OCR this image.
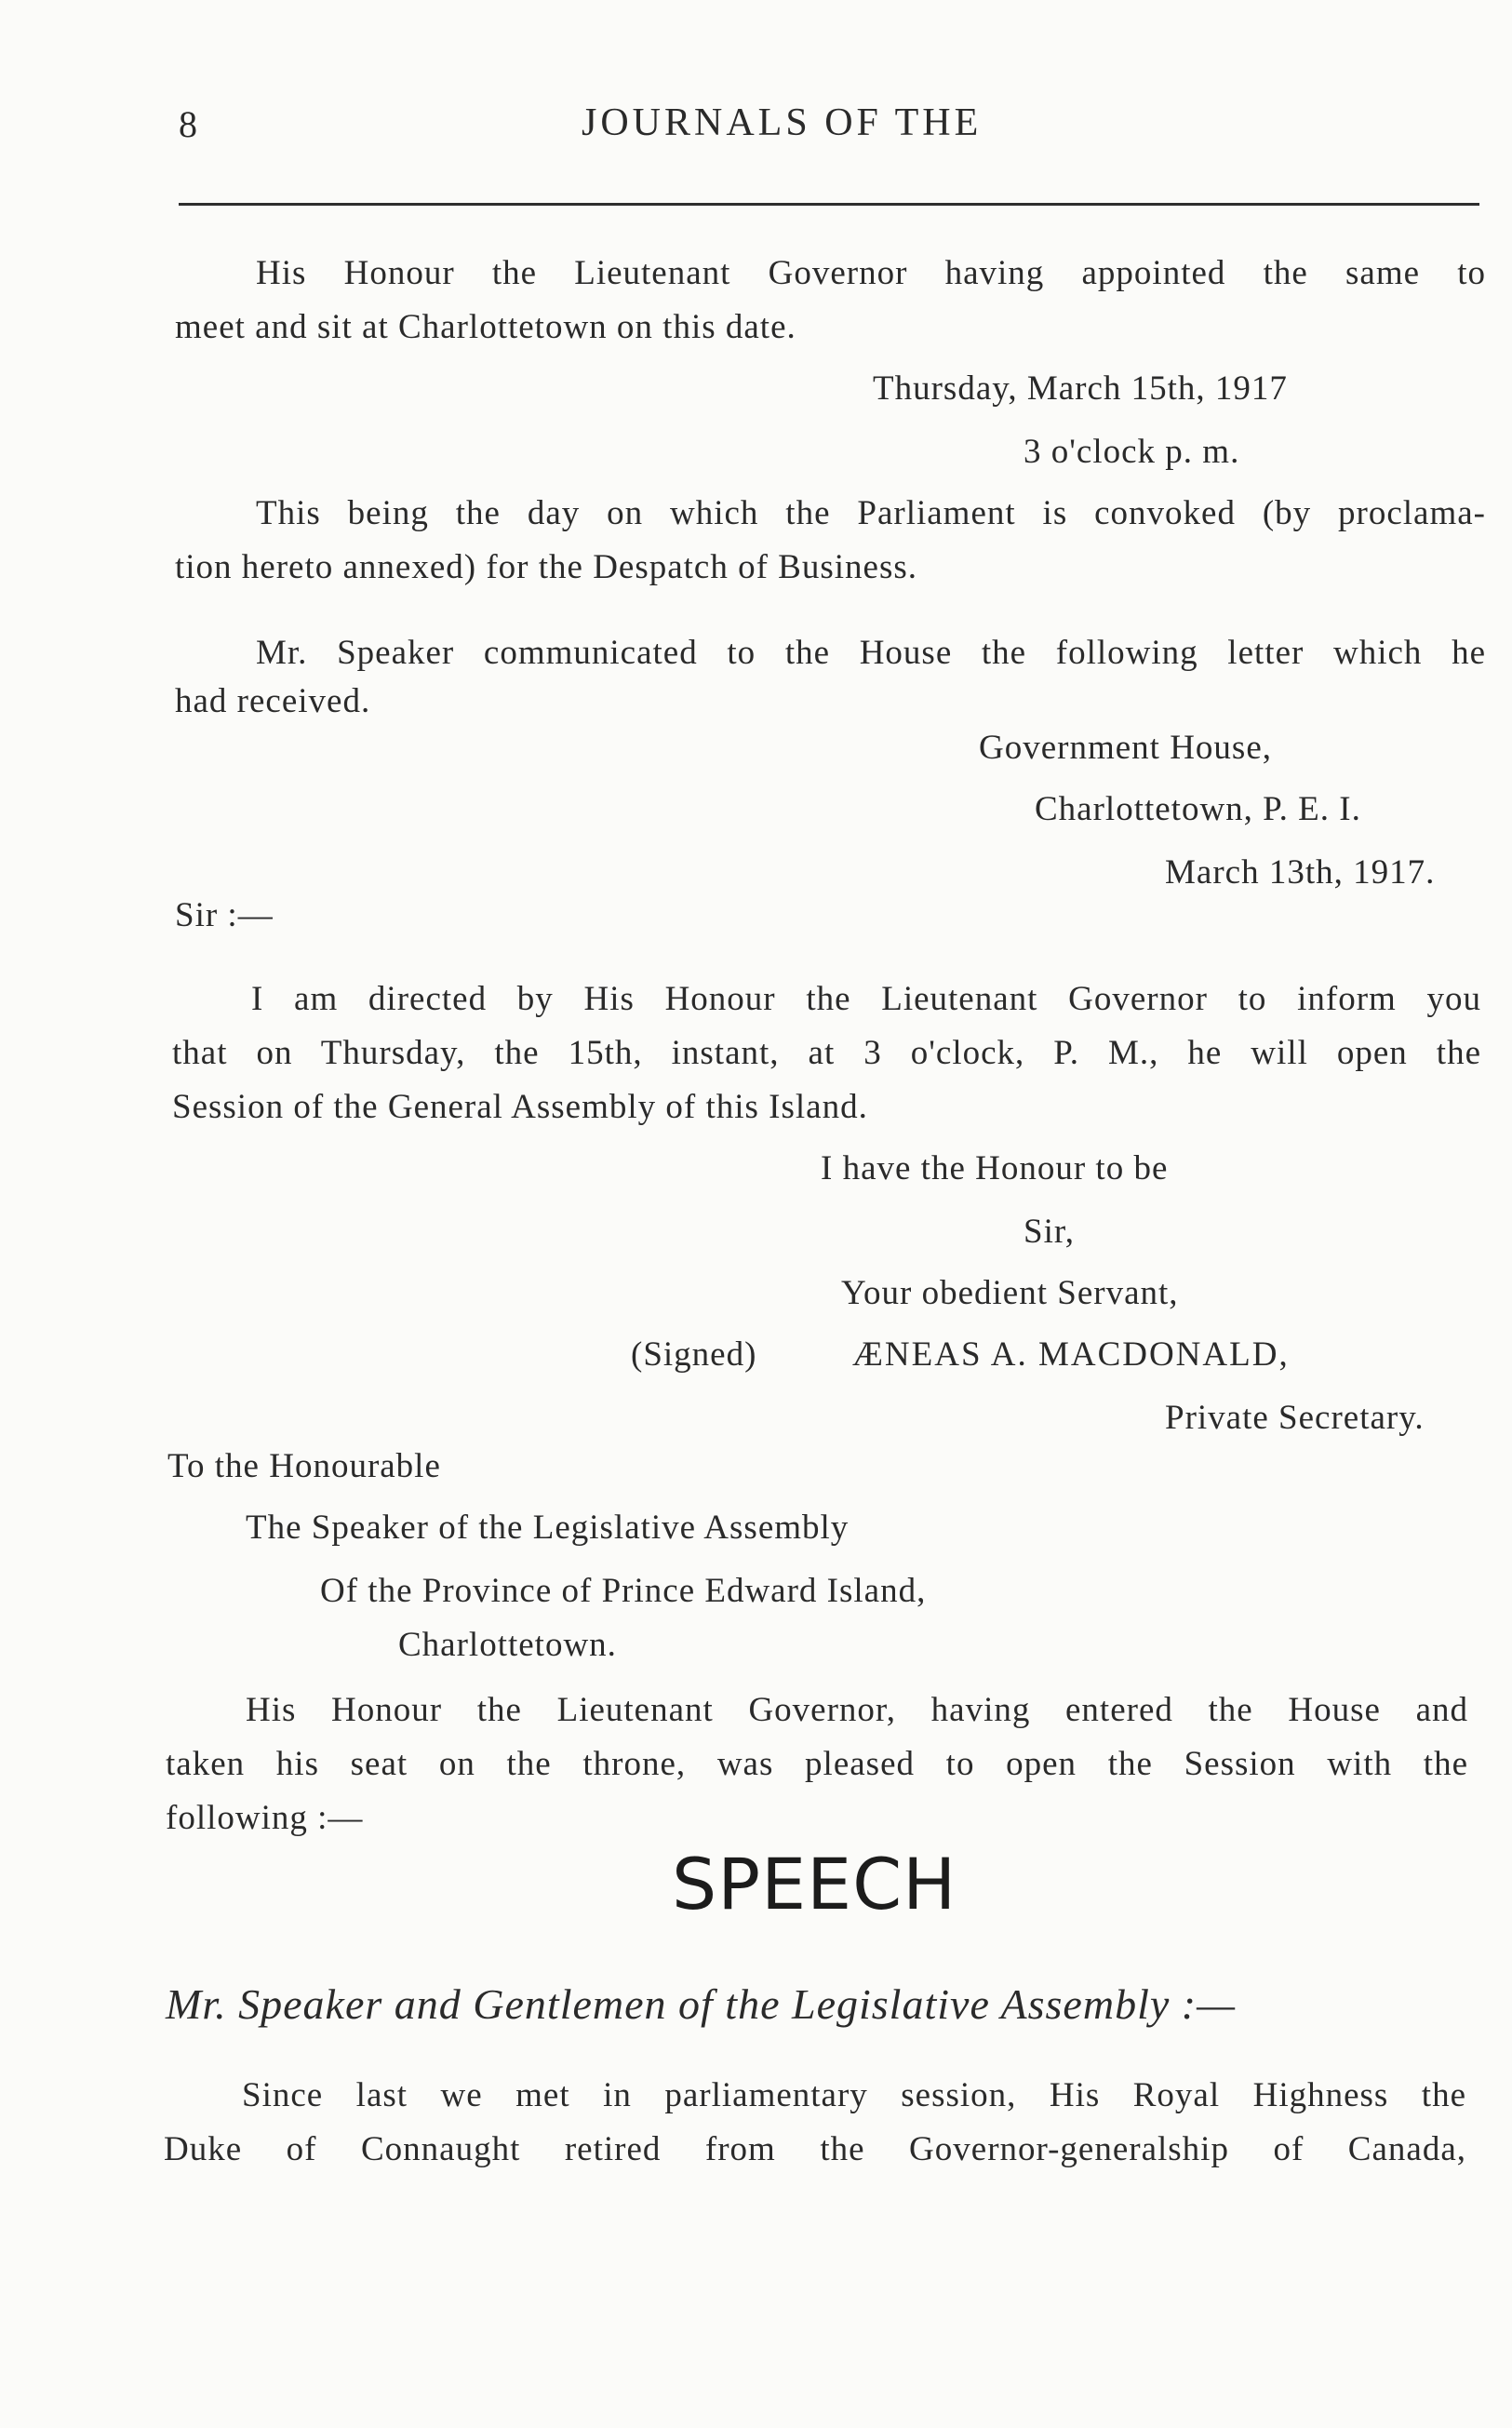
8	JOURNALS OF THE
His Honour the Lieutenant Governor having appointed the same to
meet and sit at Charlottetown on this date.
Thursday, March 15th, 1917
3 o'clock p. m.
This being the day on which the Parliament is convoked (by proclama-
tion hereto annexed) for the Despatch of Business.
Mr. Speaker communicated to the House the following letter which he
had received.
Government House,
Charlottetown, P. E. I.
March 13th, 1917.
Sir :—
I am directed by His Honour the Lieutenant Governor to inform you
that on Thursday, the 15th, instant, at 3 o'clock, P. M., he will open the
Session of the General Assembly of this Island.
I have the Honour to be
Sir,
Your obedient Servant,
(Signed)	ÆNEAS A. MACDONALD,
Private Secretary.
To the Honourable
The Speaker of the Legislative Assembly
Of the Province of Prince Edward Island,
Charlottetown.
His Honour the Lieutenant Governor, having entered the House and
taken his seat on the throne, was pleased to open the Session with the
following :—
SPEECH
Mr. Speaker and Gentlemen of the Legislative Assembly :—
Since last we met in parliamentary session, His Royal Highness the
Duke of Connaught retired from the Governor-generalship of Canada,
